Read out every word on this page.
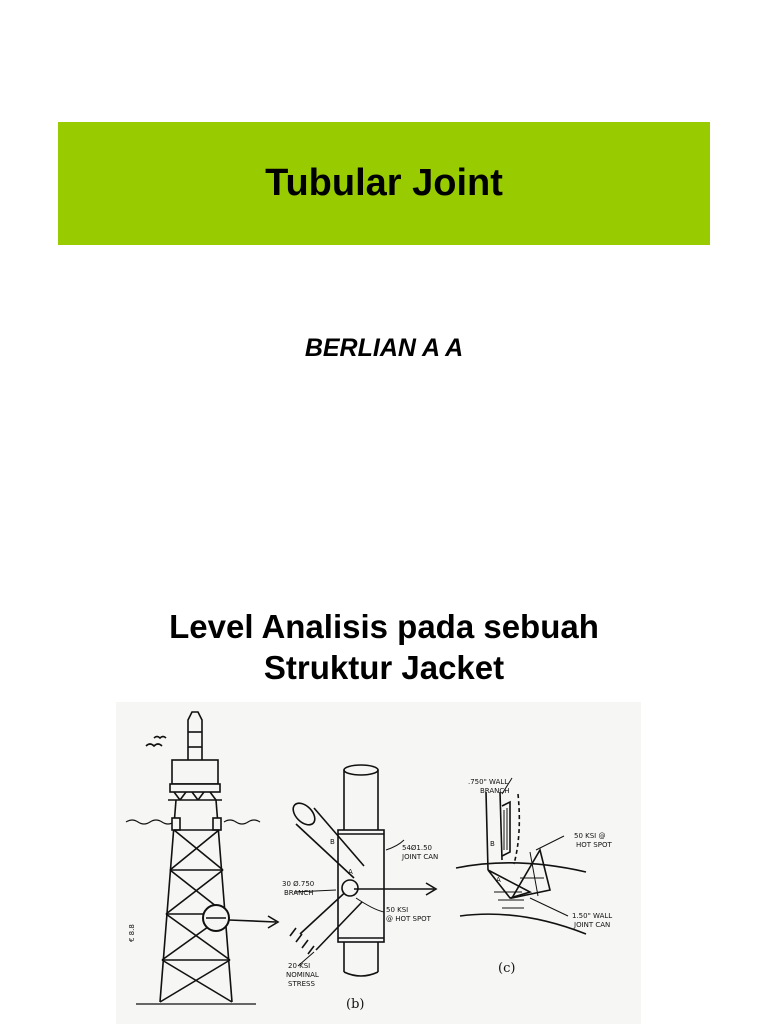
Tubular Joint
BERLIAN A A
Level Analisis pada sebuah
Struktur Jacket
€ 8.8
54Ø1.50
JOINT CAN
30 Ø.750
BRANCH
50 KSI
@ HOT SPOT
20 KSI
NOMINAL
STRESS
B
A
(b)
.750" WALL
BRANCH
50 KSI @
HOT SPOT
1.50" WALL
JOINT CAN
B
A
(c)
